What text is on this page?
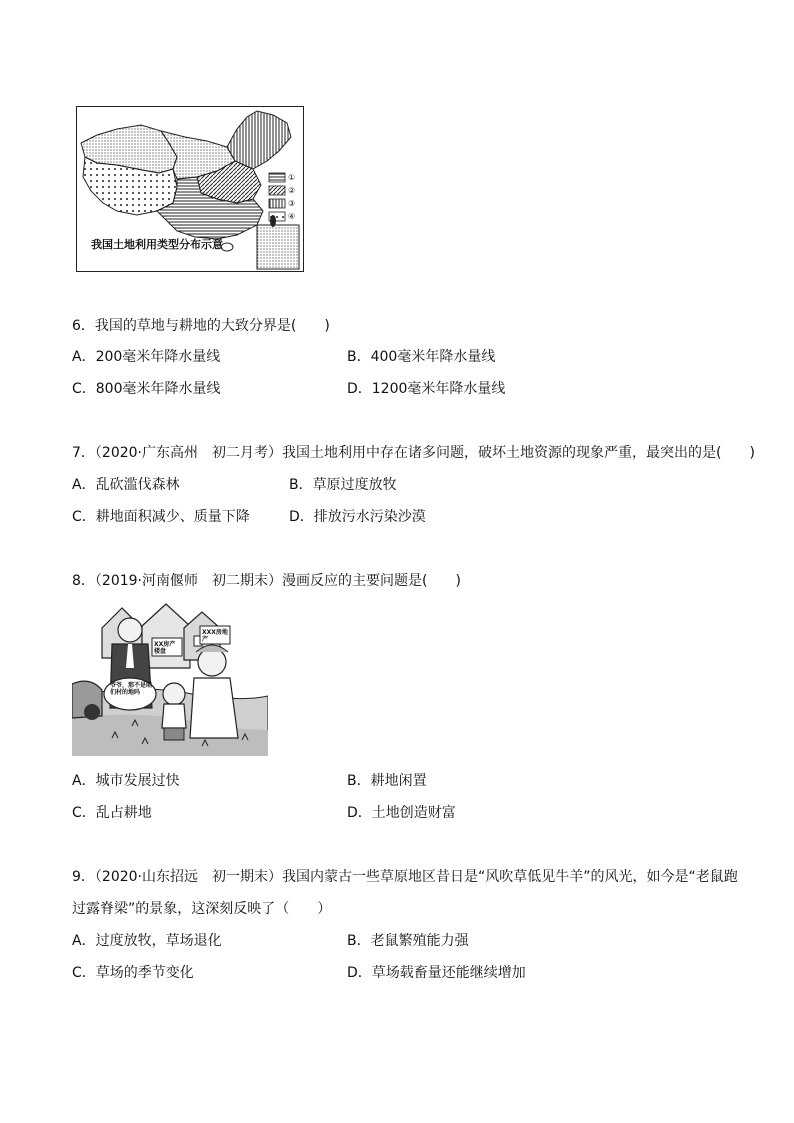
①
②
③
④
我国土地利用类型分布示意
6．我国的草地与耕地的大致分界是(　　)
A．200毫米年降水量线	B．400毫米年降水量线
C．800毫米年降水量线	D．1200毫米年降水量线
7．（2020·广东高州　初二月考）我国土地利用中存在诸多问题，破坏土地资源的现象严重，最突出的是(　　)
A．乱砍滥伐森林	B．草原过度放牧
C．耕地面积减少、质量下降	D．排放污水污染沙漠
8．（2019·河南偃师　初二期末）漫画反应的主要问题是(　　)
XX房产楼盘
XXX房地产
爷爷，那不是咱们村的地吗
A．城市发展过快	B．耕地闲置
C．乱占耕地	D．土地创造财富
9．（2020·山东招远　初一期末）我国内蒙古一些草原地区昔日是“风吹草低见牛羊”的风光，如今是“老鼠跑
过露脊梁”的景象，这深刻反映了（　　）
A．过度放牧，草场退化	B．老鼠繁殖能力强
C．草场的季节变化	D．草场载畜量还能继续增加
